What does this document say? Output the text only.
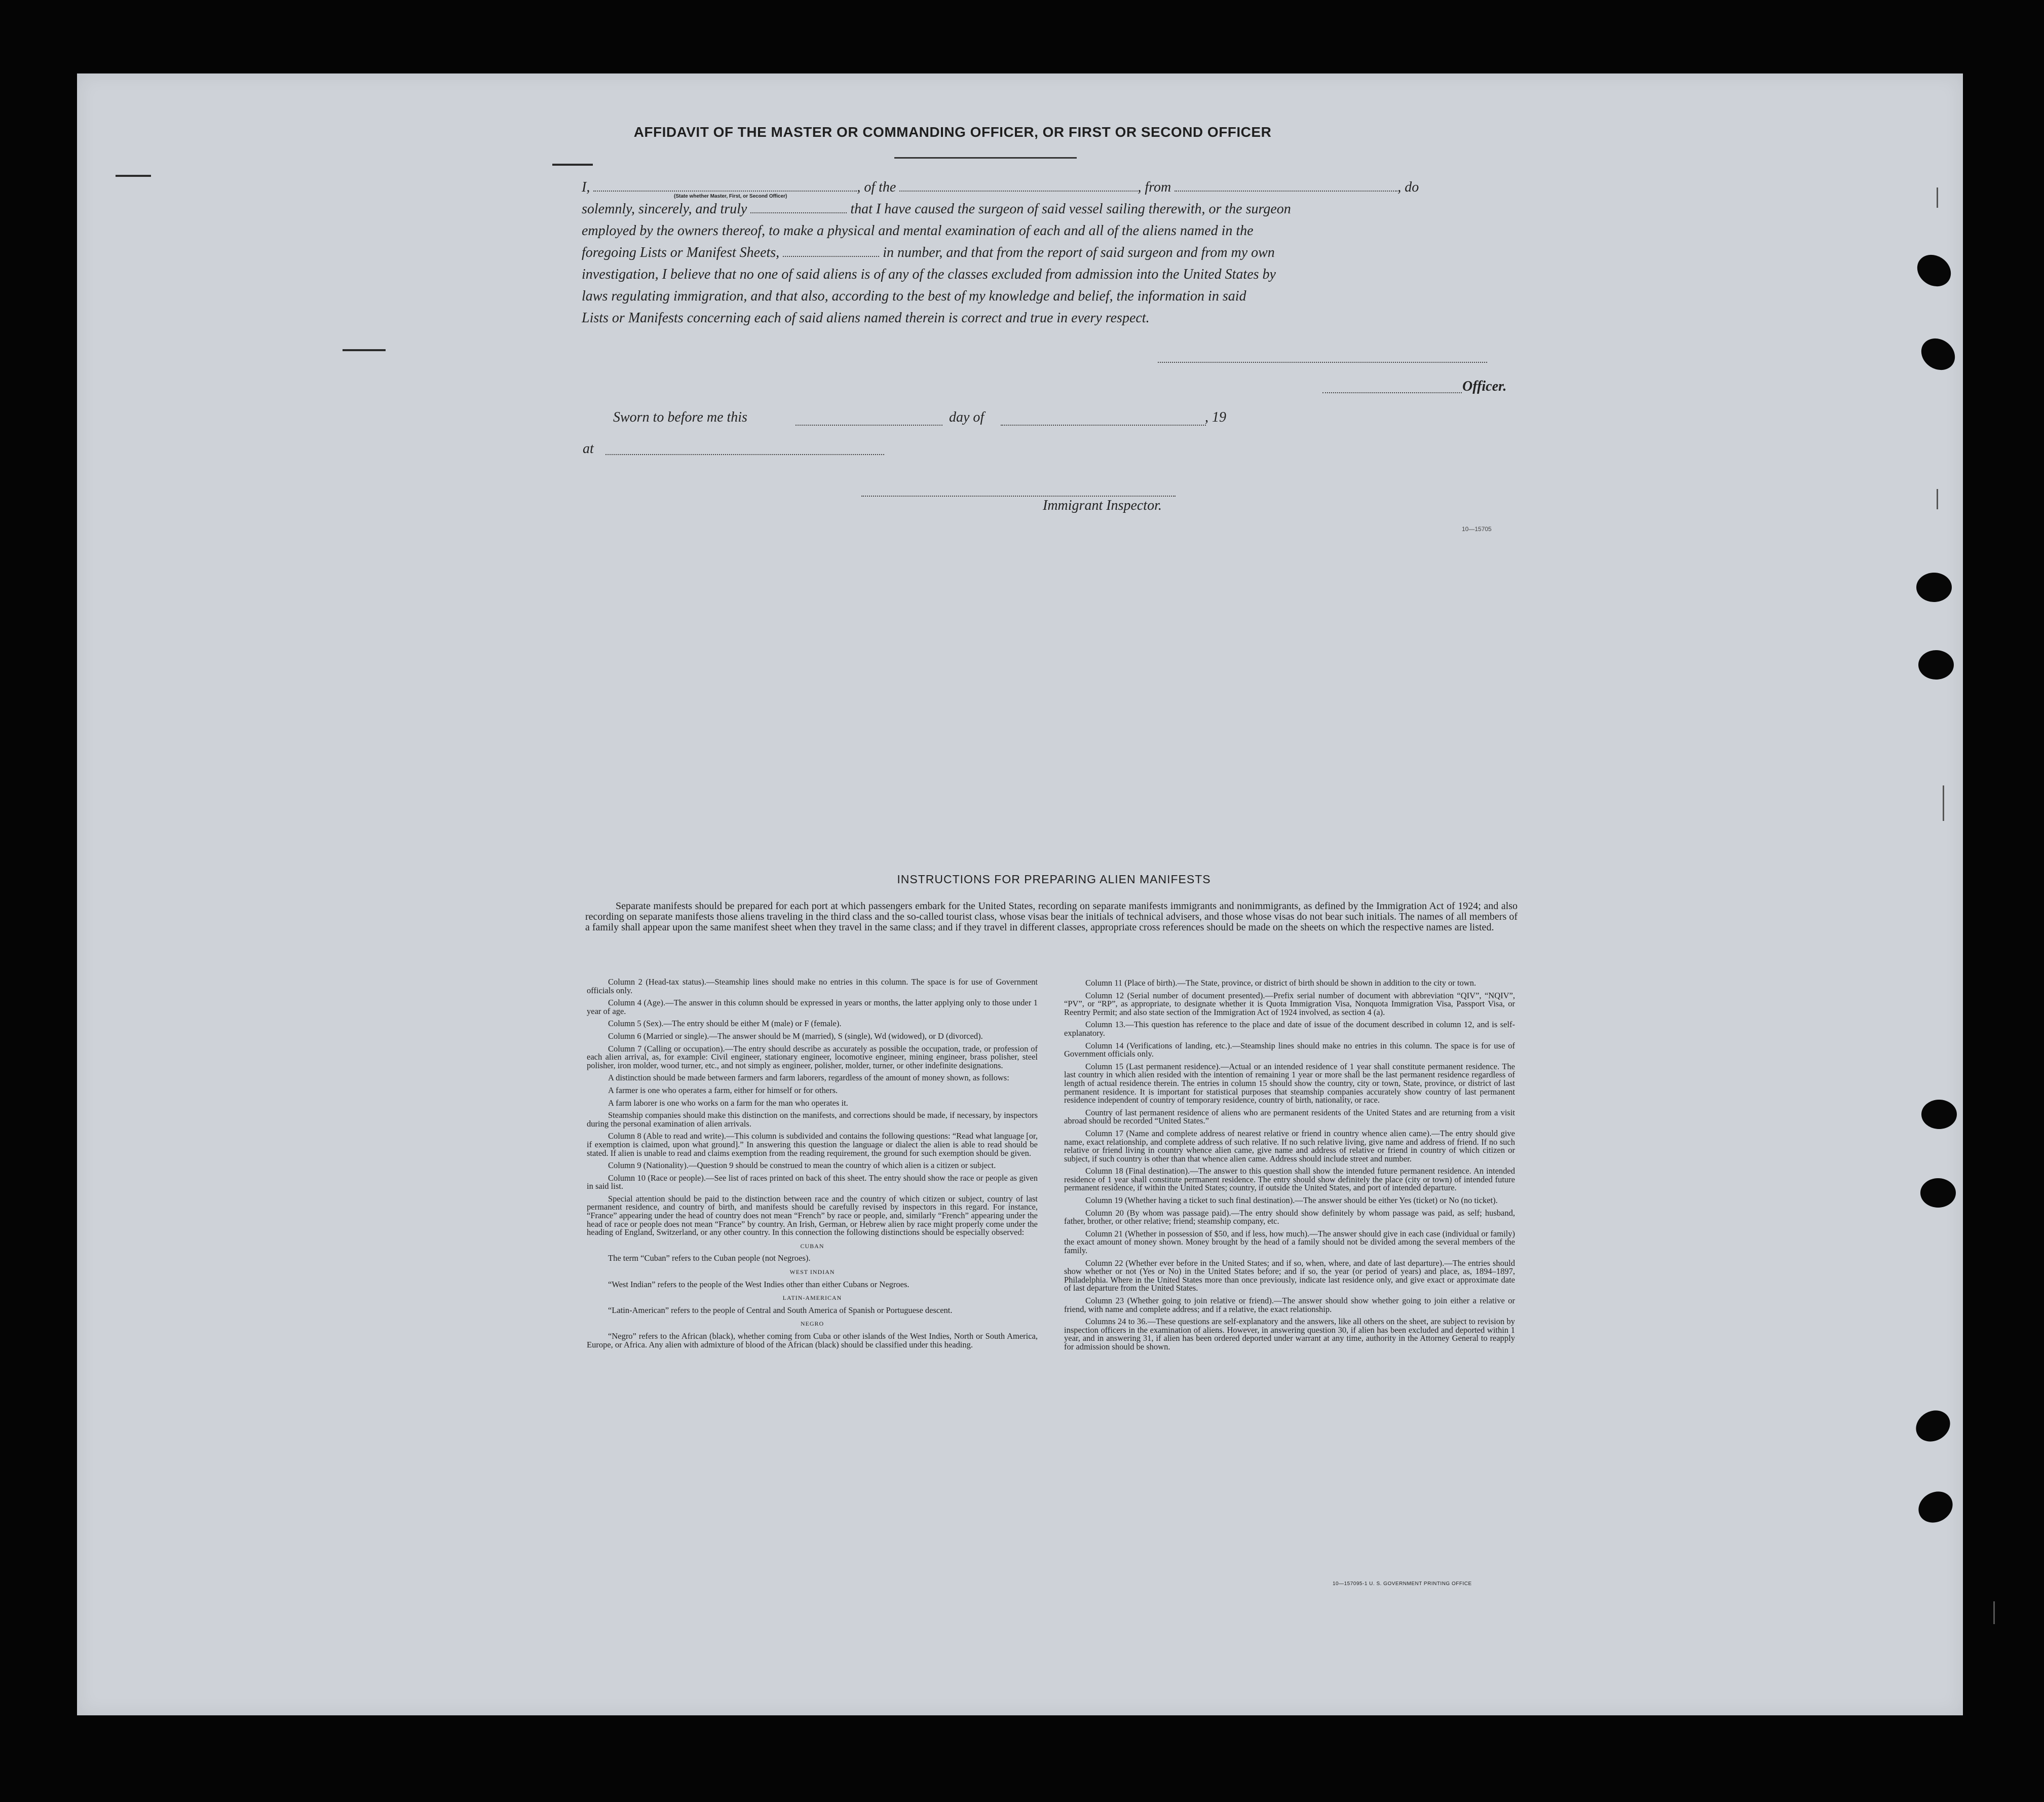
AFFIDAVIT OF THE MASTER OR COMMANDING OFFICER, OR FIRST OR SECOND OFFICER

I,	, of the	, from	, do

solemnly, sincerely, and truly	that I have caused the surgeon of said vessel sailing therewith, or the surgeon

employed by the owners thereof, to make a physical and mental examination of each and all of the aliens named in the

foregoing Lists or Manifest Sheets,	in number, and that from the report of said surgeon and from my own

investigation, I believe that no one of said aliens is of any of the classes excluded from admission into the United States by

laws regulating immigration, and that also, according to the best of my knowledge and belief, the information in said

Lists or Manifests concerning each of said aliens named therein is correct and true in every respect.

(State whether Master, First, or Second Officer)
Officer.
Sworn to before me this	day of	, 19
at
Immigrant Inspector.
10—15705
INSTRUCTIONS FOR PREPARING ALIEN MANIFESTS
Separate manifests should be prepared for each port at which passengers embark for the United States, recording on separate manifests immigrants and nonimmigrants, as defined by the Immigration Act of 1924; and also recording on separate manifests those aliens traveling in the third class and the so-called tourist class, whose visas bear the initials of technical advisers, and those whose visas do not bear such initials. The names of all members of a family shall appear upon the same manifest sheet when they travel in the same class; and if they travel in different classes, appropriate cross references should be made on the sheets on which the respective names are listed.

Column 2 (Head-tax status).—Steamship lines should make no entries in this column. The space is for use of Government officials only.

Column 4 (Age).—The answer in this column should be expressed in years or months, the latter applying only to those under 1 year of age.

Column 5 (Sex).—The entry should be either M (male) or F (female).

Column 6 (Married or single).—The answer should be M (married), S (single), Wd (widowed), or D (divorced).

Column 7 (Calling or occupation).—The entry should describe as accurately as possible the occupation, trade, or profession of each alien arrival, as, for example: Civil engineer, stationary engineer, locomotive engineer, mining engineer, brass polisher, steel polisher, iron molder, wood turner, etc., and not simply as engineer, polisher, molder, turner, or other indefinite designations.

A distinction should be made between farmers and farm laborers, regardless of the amount of money shown, as follows:

A farmer is one who operates a farm, either for himself or for others.

A farm laborer is one who works on a farm for the man who operates it.

Steamship companies should make this distinction on the manifests, and corrections should be made, if necessary, by inspectors during the personal examination of alien arrivals.

Column 8 (Able to read and write).—This column is subdivided and contains the following questions: “Read what language [or, if exemption is claimed, upon what ground].” In answering this question the language or dialect the alien is able to read should be stated. If alien is unable to read and claims exemption from the reading requirement, the ground for such exemption should be given.

Column 9 (Nationality).—Question 9 should be construed to mean the country of which alien is a citizen or subject.

Column 10 (Race or people).—See list of races printed on back of this sheet. The entry should show the race or people as given in said list.

Special attention should be paid to the distinction between race and the country of which citizen or subject, country of last permanent residence, and country of birth, and manifests should be carefully revised by inspectors in this regard. For instance, “France” appearing under the head of country does not mean “French” by race or people, and, similarly “French” appearing under the head of race or people does not mean “France” by country. An Irish, German, or Hebrew alien by race might properly come under the heading of England, Switzerland, or any other country. In this connection the following distinctions should be especially observed:

CUBAN

The term “Cuban” refers to the Cuban people (not Negroes).

WEST INDIAN

“West Indian” refers to the people of the West Indies other than either Cubans or Negroes.

LATIN-AMERICAN

“Latin-American” refers to the people of Central and South America of Spanish or Portuguese descent.

NEGRO

“Negro” refers to the African (black), whether coming from Cuba or other islands of the West Indies, North or South America, Europe, or Africa. Any alien with admixture of blood of the African (black) should be classified under this heading.

Column 11 (Place of birth).—The State, province, or district of birth should be shown in addition to the city or town.

Column 12 (Serial number of document presented).—Prefix serial number of document with abbreviation “QIV”, “NQIV”, “PV”, or “RP”, as appropriate, to designate whether it is Quota Immigration Visa, Nonquota Immigration Visa, Passport Visa, or Reentry Permit; and also state section of the Immigration Act of 1924 involved, as section 4 (a).

Column 13.—This question has reference to the place and date of issue of the document described in column 12, and is self-explanatory.

Column 14 (Verifications of landing, etc.).—Steamship lines should make no entries in this column. The space is for use of Government officials only.

Column 15 (Last permanent residence).—Actual or an intended residence of 1 year shall constitute permanent residence. The last country in which alien resided with the intention of remaining 1 year or more shall be the last permanent residence regardless of length of actual residence therein. The entries in column 15 should show the country, city or town, State, province, or district of last permanent residence. It is important for statistical purposes that steamship companies accurately show country of last permanent residence independent of country of temporary residence, country of birth, nationality, or race.

Country of last permanent residence of aliens who are permanent residents of the United States and are returning from a visit abroad should be recorded “United States.”

Column 17 (Name and complete address of nearest relative or friend in country whence alien came).—The entry should give name, exact relationship, and complete address of such relative. If no such relative living, give name and address of friend. If no such relative or friend living in country whence alien came, give name and address of relative or friend in country of which citizen or subject, if such country is other than that whence alien came. Address should include street and number.

Column 18 (Final destination).—The answer to this question shall show the intended future permanent residence. An intended residence of 1 year shall constitute permanent residence. The entry should show definitely the place (city or town) of intended future permanent residence, if within the United States; country, if outside the United States, and port of intended departure.

Column 19 (Whether having a ticket to such final destination).—The answer should be either Yes (ticket) or No (no ticket).

Column 20 (By whom was passage paid).—The entry should show definitely by whom passage was paid, as self; husband, father, brother, or other relative; friend; steamship company, etc.

Column 21 (Whether in possession of $50, and if less, how much).—The answer should give in each case (individual or family) the exact amount of money shown. Money brought by the head of a family should not be divided among the several members of the family.

Column 22 (Whether ever before in the United States; and if so, when, where, and date of last departure).—The entries should show whether or not (Yes or No) in the United States before; and if so, the year (or period of years) and place, as, 1894–1897, Philadelphia. Where in the United States more than once previously, indicate last residence only, and give exact or approximate date of last departure from the United States.

Column 23 (Whether going to join relative or friend).—The answer should show whether going to join either a relative or friend, with name and complete address; and if a relative, the exact relationship.

Columns 24 to 36.—These questions are self-explanatory and the answers, like all others on the sheet, are subject to revision by inspection officers in the examination of aliens. However, in answering question 30, if alien has been excluded and deported within 1 year, and in answering 31, if alien has been ordered deported under warrant at any time, authority in the Attorney General to reapply for admission should be shown.

10—157095-1 U. S. GOVERNMENT PRINTING OFFICE
